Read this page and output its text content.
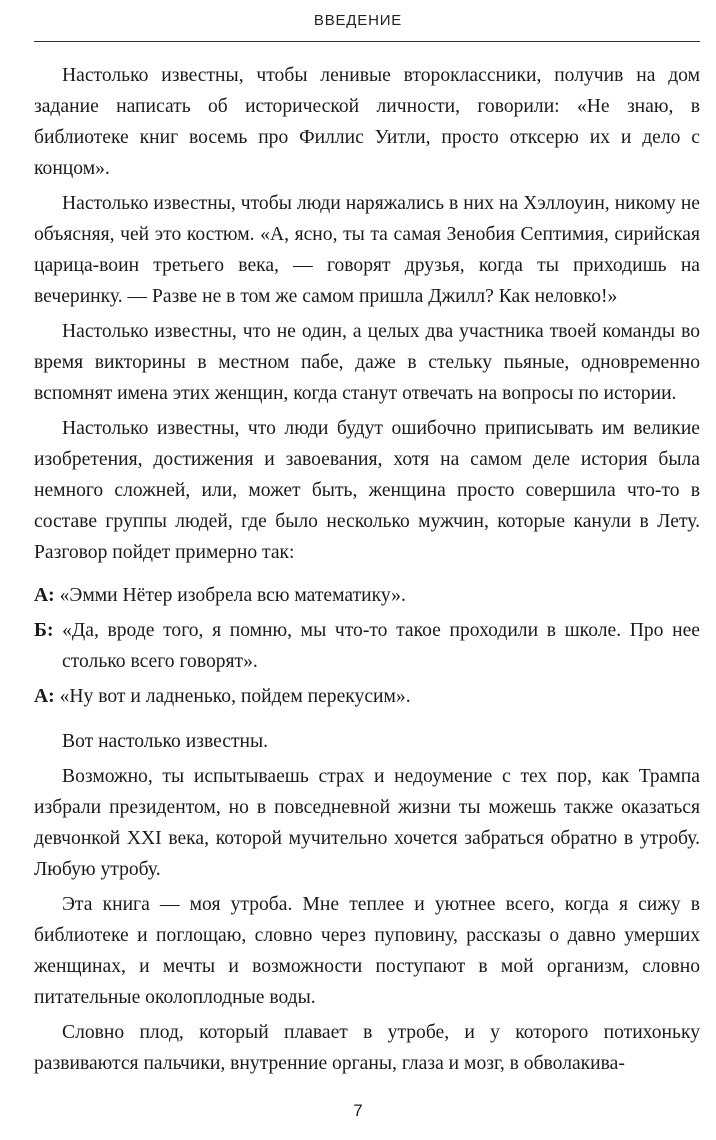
ВВЕДЕНИЕ

Настолько известны, чтобы ленивые второклассники, получив на дом задание написать об исторической личности, говорили: «Не знаю, в библиотеке книг восемь про Филлис Уитли, просто отксерю их и дело с концом».

Настолько известны, чтобы люди наряжались в них на Хэллоуин, никому не объясняя, чей это костюм. «А, ясно, ты та самая Зенобия Септимия, сирийская царица-воин третьего века, — говорят друзья, когда ты приходишь на вечеринку. — Разве не в том же самом пришла Джилл? Как неловко!»

Настолько известны, что не один, а целых два участника твоей команды во время викторины в местном пабе, даже в стельку пьяные, одновременно вспомнят имена этих женщин, когда станут отвечать на вопросы по истории.

Настолько известны, что люди будут ошибочно приписывать им великие изобретения, достижения и завоевания, хотя на самом деле история была немного сложней, или, может быть, женщина просто совершила что-то в составе группы людей, где было несколько мужчин, которые канули в Лету. Разговор пойдет примерно так:

А: «Эмми Нётер изобрела всю математику».
Б: «Да, вроде того, я помню, мы что-то такое проходили в школе. Про нее столько всего говорят».
А: «Ну вот и ладненько, пойдем перекусим».

Вот настолько известны.

Возможно, ты испытываешь страх и недоумение с тех пор, как Трампа избрали президентом, но в повседневной жизни ты можешь также оказаться девчонкой XXI века, которой мучительно хочется забраться обратно в утробу. Любую утробу.

Эта книга — моя утроба. Мне теплее и уютнее всего, когда я сижу в библиотеке и поглощаю, словно через пуповину, рассказы о давно умерших женщинах, и мечты и возможности поступают в мой организм, словно питательные околоплодные воды.

Словно плод, который плавает в утробе, и у которого потихоньку развиваются пальчики, внутренние органы, глаза и мозг, в обволакива-

7
